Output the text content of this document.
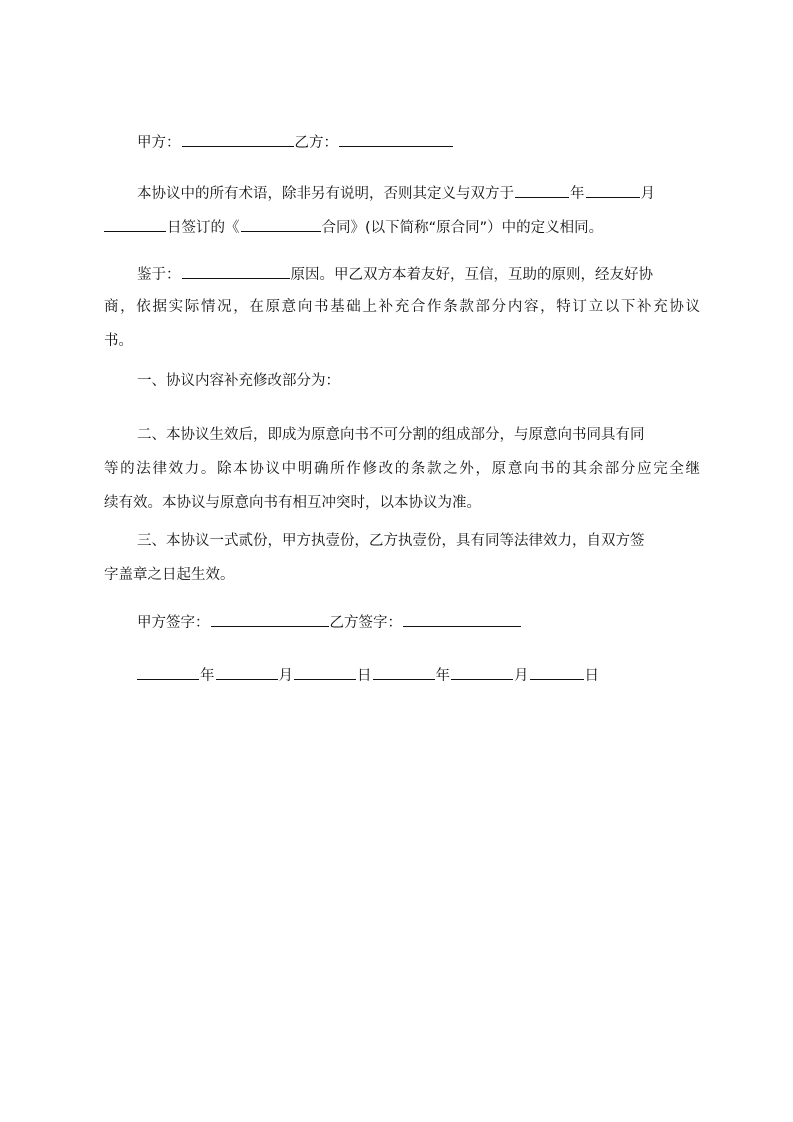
甲方：	乙方：
本协议中的所有术语，除非另有说明，否则其定义与双方于	年	月
日签订的《	合同》(以下简称“原合同”）中的定义相同。
鉴于：	原因。甲乙双方本着友好，互信，互助的原则，经友好协
商，依据实际情况，在原意向书基础上补充合作条款部分内容，特订立以下补充协议
书。
一、协议内容补充修改部分为：
二、本协议生效后，即成为原意向书不可分割的组成部分，与原意向书同具有同
等的法律效力。除本协议中明确所作修改的条款之外，原意向书的其余部分应完全继
续有效。本协议与原意向书有相互冲突时，以本协议为准。
三、本协议一式贰份，甲方执壹份，乙方执壹份，具有同等法律效力，自双方签
字盖章之日起生效。
甲方签字：	乙方签字：
年	月	日	年	月	日
